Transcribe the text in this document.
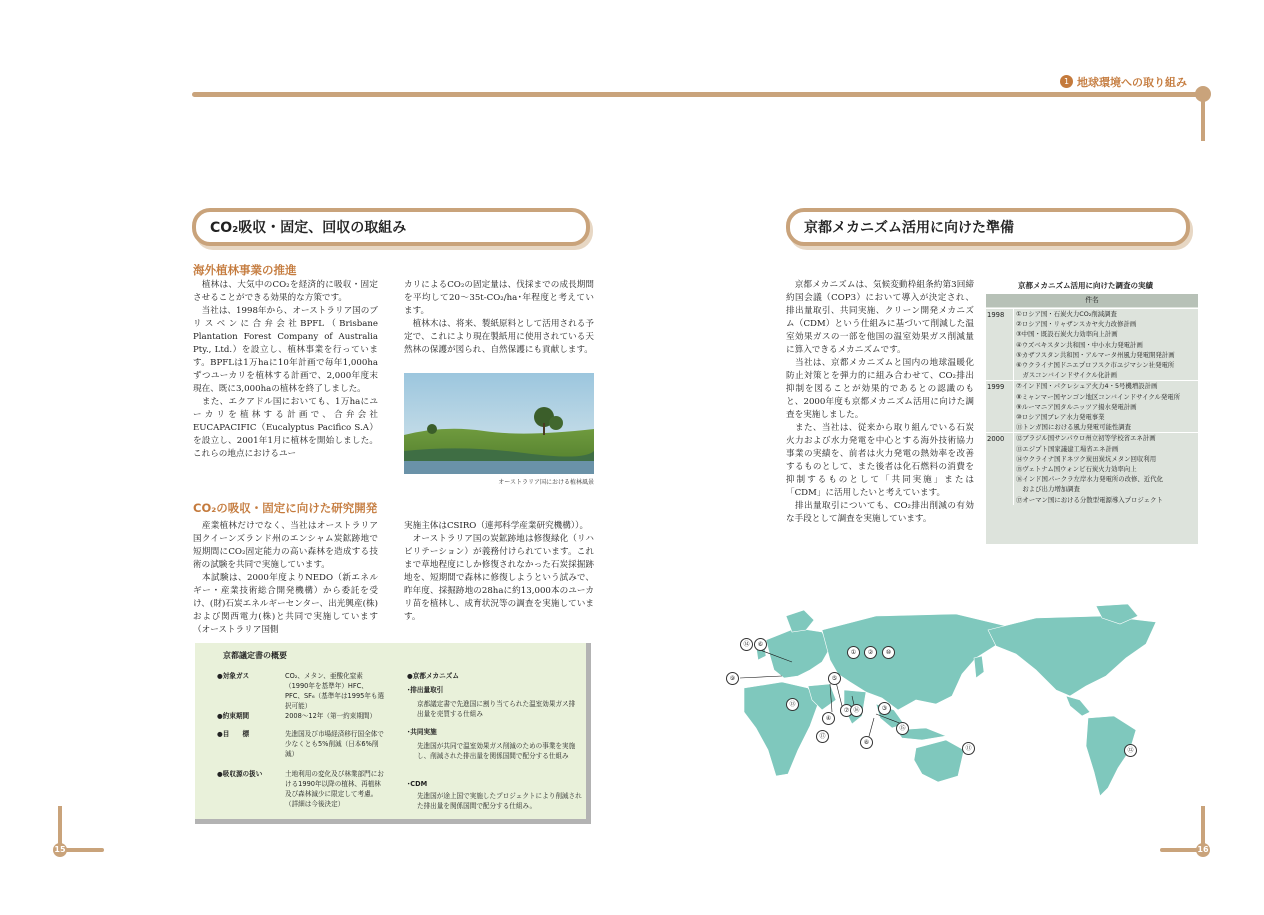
1 地球環境への取り組み
CO₂吸収・固定、回収の取組み
海外植林事業の推進
　植林は、大気中のCO₂を経済的に吸収・固定させることができる効果的な方策です。
　当社は、1998年から、オーストラリア国のブリスベンに合弁会社BPFL（Brisbane Plantation Forest Company of Australia Pty., Ltd.）を設立し、植林事業を行っています。BPFLは1万haに10年計画で毎年1,000haずつユーカリを植林する計画で、2,000年度末現在、既に3,000haの植林を終了しました。
　また、エクアドル国においても、1万haにユーカリを植林する計画で、合弁会社EUCAPACIFIC（Eucalyptus Pacifico S.A）を設立し、2001年1月に植林を開始しました。これらの地点におけるユー
カリによるCO₂の固定量は、伐採までの成長期間を平均して20～35t-CO₂/ha･年程度と考えています。
　植林木は、将来、製紙原料として活用される予定で、これにより現在製紙用に使用されている天然林の保護が図られ、自然保護にも貢献します。
オーストラリア国における植林風景
CO₂の吸収・固定に向けた研究開発
　産業植林だけでなく、当社はオーストラリア国クイーンズランド州のエンシャム炭鉱跡地で短期間にCO₂固定能力の高い森林を造成する技術の試験を共同で実施しています。
　本試験は、2000年度よりNEDO（新エネルギー・産業技術総合開発機構）から委託を受け、(財)石炭エネルギーセンター、出光興産(株)および関西電力(株)と共同で実施しています（オーストラリア国側
実施主体はCSIRO（連邦科学産業研究機構））。
　オーストラリア国の炭鉱跡地は修復緑化（リハビリテーション）が義務付けられています。これまで草地程度にしか修復されなかった石炭採掘跡地を、短期間で森林に修復しようという試みで、昨年度、採掘跡地の28haに約13,000本のユーカリ苗を植林し、成育状況等の調査を実施しています。
京都議定書の概要
●対象ガス	CO₂、メタン、亜酸化窒素（1990年を基準年）HFC、PFC、SF₆（基準年は1995年も選択可能）
●約束期間	2008～12年（第一約束期間）
●目　　標	先進国及び市場経済移行国全体で少なくとも5%削減（日本6%削減）
●吸収源の扱い	土地利用の変化及び林業部門における1990年以降の植林、再植林及び森林減少に限定して考慮。（詳細は今後決定）
●京都メカニズム
･排出量取引
京都議定書で先進国に割り当てられた温室効果ガス排出量を売買する仕組み
･共同実施
先進国が共同で温室効果ガス削減のための事業を実施し、削減された排出量を関係国間で配分する仕組み
･CDM
先進国が途上国で実施したプロジェクトにより削減された排出量を関係国間で配分する仕組み。
15
京都メカニズム活用に向けた準備
　京都メカニズムは、気候変動枠組条約第3回締約国会議（COP3）において導入が決定され、排出量取引、共同実施、クリーン開発メカニズム（CDM）という仕組みに基づいて削減した温室効果ガスの一部を他国の温室効果ガス削減量に算入できるメカニズムです。
　当社は、京都メカニズムと国内の地球温暖化防止対策とを弾力的に組み合わせて、CO₂排出抑制を図ることが効果的であるとの認識のもと、2000年度も京都メカニズム活用に向けた調査を実施しました。
　また、当社は、従来から取り組んでいる石炭火力および水力発電を中心とする海外技術協力事業の実績を、前者は火力発電の熱効率を改善するものとして、また後者は化石燃料の消費を抑制するものとして「共同実施」または「CDM」に活用したいと考えています。
　排出量取引についても、CO₂排出削減の有効な手段として調査を実施しています。
京都メカニズム活用に向けた調査の実績
件名
1998	①ロシア国・石炭火力CO₂削減調査
②ロシア国・リャザンスカヤ火力改修計画
③中国・既設石炭火力効率向上計画
④ウズベキスタン共和国・中小水力発電計画
⑤カザフスタン共和国・アルマータ州風力発電開発計画
⑥ウクライナ国ドニエプロフスク市ユジマシン社発電所
　ガスコンバインドサイクル化計画
1999	⑦インド国・パクレシュア火力4・5号機増設計画
⑧ミャンマー国ヤンゴン地区コンバインドサイクル発電所
⑨ルーマニア国タルニッツア揚水発電計画
⑩ロシア国ブレア水力発電事業
⑪トンガ国における風力発電可能性調査
2000	⑫ブラジル国サンパウロ州立初等学校省エネ計画
⑬エジプト国家議建工場省エネ計画
⑭ウクライナ国ドネツク炭田炭坑メタン回収利用
⑮ヴェトナム国ウォンビ石炭火力効率向上
⑯インド国パークラ左岸水力発電所の改修、近代化
　および出力増加調査
⑰オーマン国における分散型電源導入プロジェクト
①	②
③
④
⑤
⑥
⑦
⑧
⑨
⑩
⑪	⑫
⑬
⑭
⑮
⑯
⑰
16
